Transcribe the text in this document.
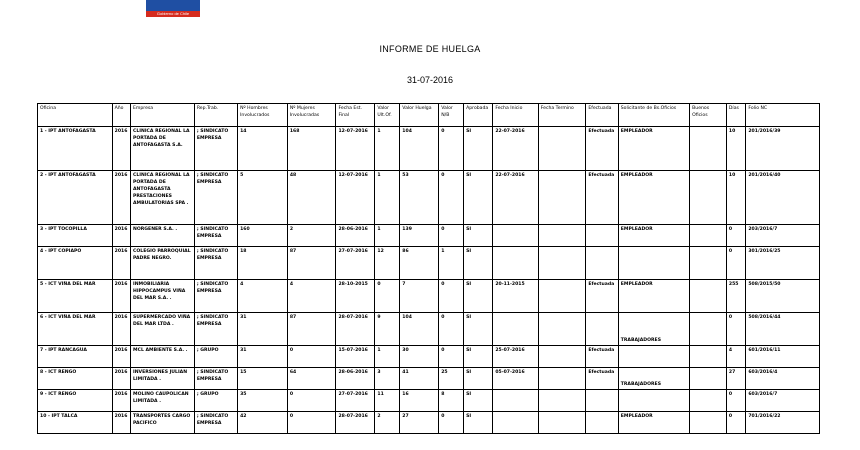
Gobierno de Chile
INFORME DE HUELGA
31-07-2016
Oficina	Año	Empresa	Rep.Trab.	Nº Hombres Involucrados	Nº Mujeres Involucradas	Fecha Est. Final	Valor Ult.Of.	Valor Huelga	Valor N/B	Aprobada	Fecha Inicio	Fecha Termino	Efectuada	Solicitante de Bs.Oficios	Buenos Oficios	Días	Folio NC
1 - IPT ANTOFAGASTA	2016	CLINICA REGIONAL LA PORTADA DE ANTOFAGASTA S.A.	; SINDICATO EMPRESA	14	168	12-07-2016	1	104	0	SI	22-07-2016		Efectuada	EMPLEADOR		10	201/2016/39
2 - IPT ANTOFAGASTA	2016	CLINICA REGIONAL LA PORTADA DE ANTOFAGASTA PRESTACIONES AMBULATORIAS SPA .	; SINDICATO EMPRESA	5	48	12-07-2016	1	53	0	SI	22-07-2016		Efectuada	EMPLEADOR		10	201/2016/40
3 - IPT TOCOPILLA	2016	NORGENER S.A. .	; SINDICATO EMPRESA	160	2	28-06-2016	1	139	0	SI				EMPLEADOR		0	203/2016/7
4 - IPT COPIAPO	2016	COLEGIO PARROQUIAL PADRE NEGRO.	; SINDICATO EMPRESA	18	87	27-07-2016	12	86	1	SI						0	301/2016/25
5 - ICT VIÑA DEL MAR	2016	INMOBILIARIA HIPPOCAMPUS VIÑA DEL MAR S.A. .	; SINDICATO EMPRESA	4	4	28-10-2015	0	7	0	SI	20-11-2015		Efectuada	EMPLEADOR		255	508/2015/50
6 - ICT VIÑA DEL MAR	2016	SUPERMERCADO VIÑA DEL MAR LTDA .	; SINDICATO EMPRESA	31	87	28-07-2016	9	104	0	SI				TRABAJADORES		0	508/2016/44
7 - IPT RANCAGUA	2016	MCL AMBIENTE S.A. .	; GRUPO	31	0	15-07-2016	1	30	0	SI	25-07-2016		Efectuada			4	601/2016/11
8 - ICT RENGO	2016	INVERSIONES JULIAN LIMITADA .	; SINDICATO EMPRESA	15	64	28-06-2016	3	41	25	SI	05-07-2016		Efectuada	TRABAJADORES		27	603/2016/4
9 - ICT RENGO	2016	MOLINO CAUPOLICAN LIMITADA .	; GRUPO	35	0	27-07-2016	11	16	8	SI						0	603/2016/7
10 - IPT TALCA	2016	TRANSPORTES CARGO PACIFICO	; SINDICATO EMPRESA	42	0	28-07-2016	2	27	0	SI				EMPLEADOR		0	701/2016/22
